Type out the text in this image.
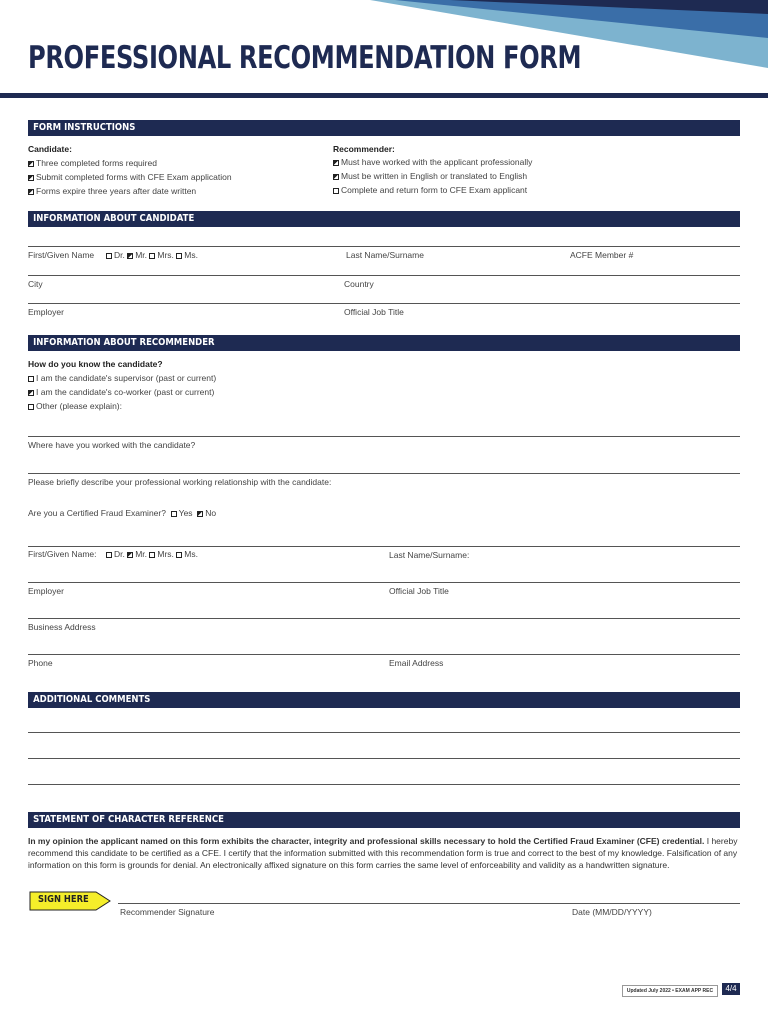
PROFESSIONAL RECOMMENDATION FORM
FORM INSTRUCTIONS
Candidate:
Three completed forms required
Submit completed forms with CFE Exam application
Forms expire three years after date written
Recommender:
Must have worked with the applicant professionally
Must be written in English or translated to English
Complete and return form to CFE Exam applicant
INFORMATION ABOUT CANDIDATE
First/Given Name Dr. Mr. Mrs. Ms.	Last Name/Surname	ACFE Member #
City	Country
Employer	Official Job Title
INFORMATION ABOUT RECOMMENDER
How do you know the candidate?
I am the candidate's supervisor (past or current)
I am the candidate's co-worker (past or current)
Other (please explain):
Where have you worked with the candidate?
Please briefly describe your professional working relationship with the candidate:
Are you a Certified Fraud Examiner? Yes No
First/Given Name: Dr. Mr. Mrs. Ms.	Last Name/Surname:
Employer	Official Job Title
Business Address
Phone	Email Address
ADDITIONAL COMMENTS
STATEMENT OF CHARACTER REFERENCE
In my opinion the applicant named on this form exhibits the character, integrity and professional skills necessary to hold the Certified Fraud Examiner (CFE) credential. I hereby recommend this candidate to be certified as a CFE. I certify that the information submitted with this recommendation form is true and correct to the best of my knowledge. Falsification of any information on this form is grounds for denial. An electronically affixed signature on this form carries the same level of enforceability and validity as a handwritten signature.
SIGN HERE
Recommender Signature	Date (MM/DD/YYYY)
Updated July 2022 • EXAM APP REC	4/4
